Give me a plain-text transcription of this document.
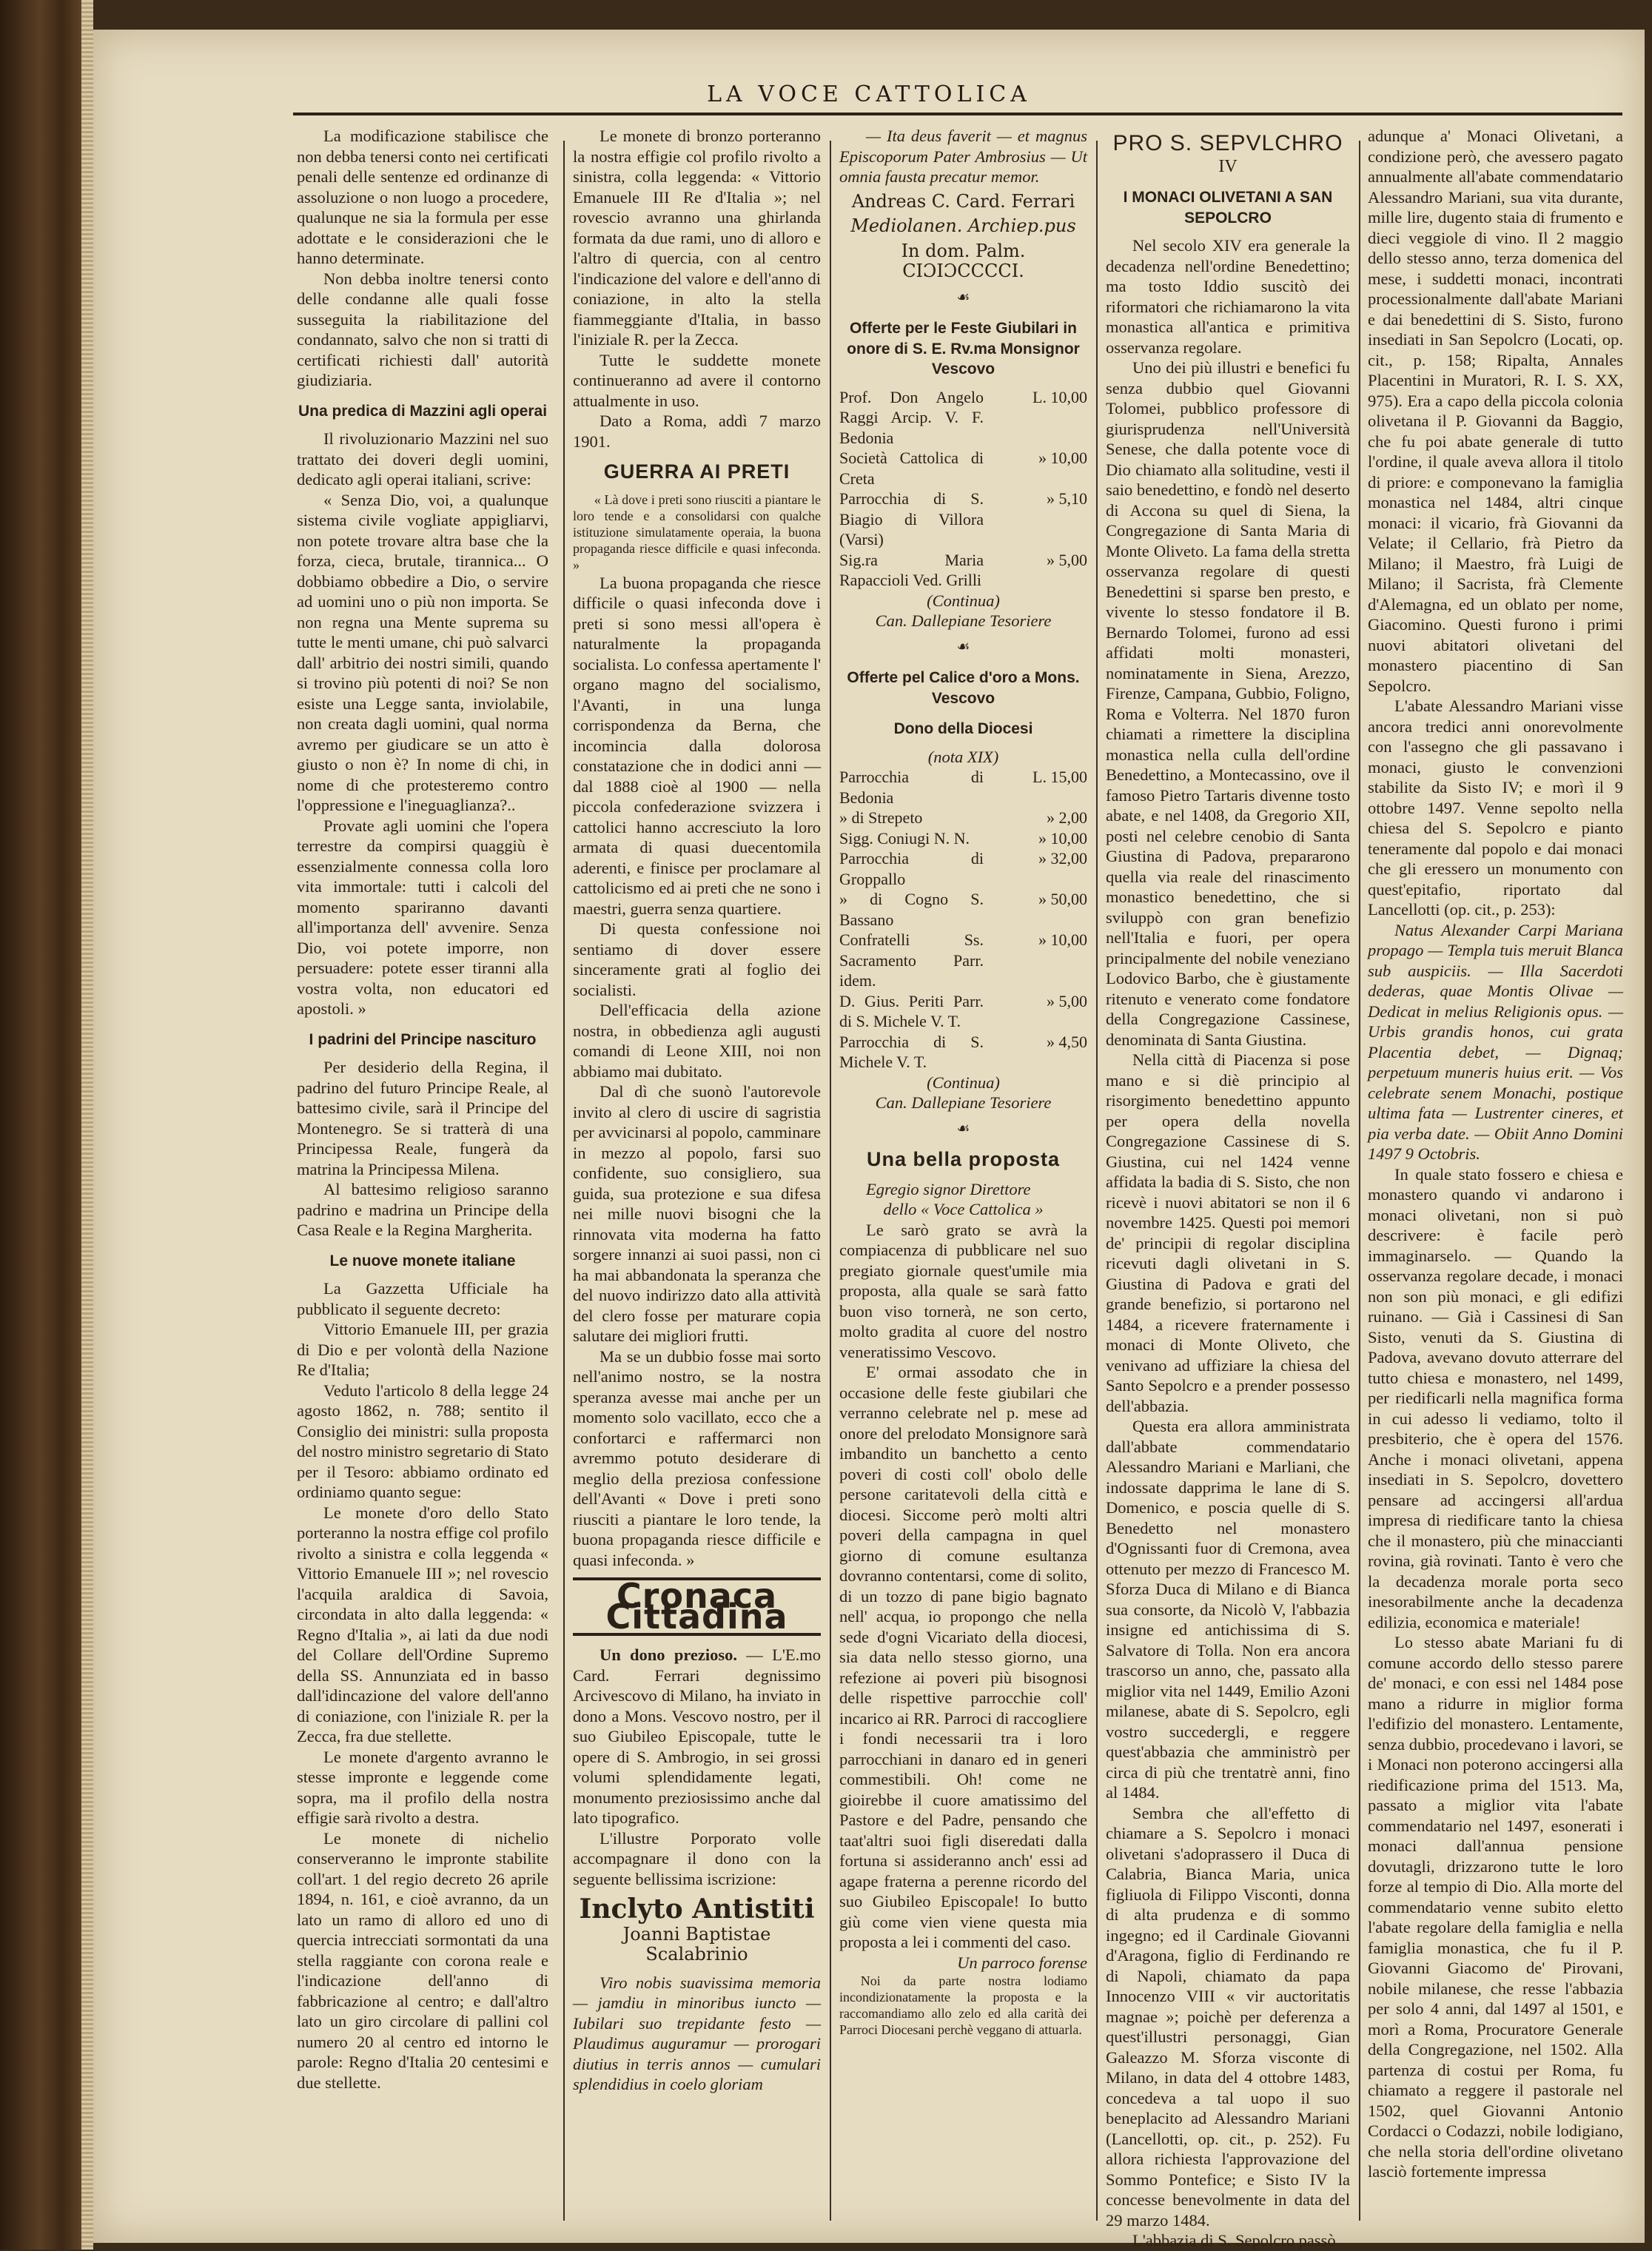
LA VOCE CATTOLICA

La modificazione stabilisce che non debba tenersi conto nei certificati penali delle sentenze ed ordinanze di assoluzione o non luogo a procedere, qualunque ne sia la formula per esse adottate e le considerazioni che le hanno determinate.

Non debba inoltre tenersi conto delle condanne alle quali fosse susseguita la riabilitazione del condannato, salvo che non si tratti di certificati richiesti dall' autorità giudiziaria.

Una predica di Mazzini agli operai

Il rivoluzionario Mazzini nel suo trattato dei doveri degli uomini, dedicato agli operai italiani, scrive:

« Senza Dio, voi, a qualunque sistema civile vogliate appigliarvi, non potete trovare altra base che la forza, cieca, brutale, tirannica... O dobbiamo obbedire a Dio, o servire ad uomini uno o più non importa. Se non regna una Mente suprema su tutte le menti umane, chi può salvarci dall' arbitrio dei nostri simili, quando si trovino più potenti di noi? Se non esiste una Legge santa, inviolabile, non creata dagli uomini, qual norma avremo per giudicare se un atto è giusto o non è? In nome di chi, in nome di che protesteremo contro l'oppressione e l'ineguaglianza?..

Provate agli uomini che l'opera terrestre da compirsi quaggiù è essenzialmente connessa colla loro vita immortale: tutti i calcoli del momento spariranno davanti all'importanza dell' avvenire. Senza Dio, voi potete imporre, non persuadere: potete esser tiranni alla vostra volta, non educatori ed apostoli. »

I padrini del Principe nascituro

Per desiderio della Regina, il padrino del futuro Principe Reale, al battesimo civile, sarà il Principe del Montenegro. Se si tratterà di una Principessa Reale, fungerà da matrina la Principessa Milena.

Al battesimo religioso saranno padrino e madrina un Principe della Casa Reale e la Regina Margherita.

Le nuove monete italiane

La Gazzetta Ufficiale ha pubblicato il seguente decreto:

Vittorio Emanuele III, per grazia di Dio e per volontà della Nazione Re d'Italia;

Veduto l'articolo 8 della legge 24 agosto 1862, n. 788; sentito il Consiglio dei ministri: sulla proposta del nostro ministro segretario di Stato per il Tesoro: abbiamo ordinato ed ordiniamo quanto segue:

Le monete d'oro dello Stato porteranno la nostra effige col profilo rivolto a sinistra e colla leggenda « Vittorio Emanuele III »; nel rovescio l'acquila araldica di Savoia, circondata in alto dalla leggenda: « Regno d'Italia », ai lati da due nodi del Collare dell'Ordine Supremo della SS. Annunziata ed in basso dall'idincazione del valore dell'anno di coniazione, con l'iniziale R. per la Zecca, fra due stellette.

Le monete d'argento avranno le stesse impronte e leggende come sopra, ma il profilo della nostra effigie sarà rivolto a destra.

Le monete di nichelio conserveranno le impronte stabilite coll'art. 1 del regio decreto 26 aprile 1894, n. 161, e cioè avranno, da un lato un ramo di alloro ed uno di quercia intrecciati sormontati da una stella raggiante con corona reale e l'indicazione dell'anno di fabbricazione al centro; e dall'altro lato un giro circolare di pallini col numero 20 al centro ed intorno le parole: Regno d'Italia 20 centesimi e due stellette.

Le monete di bronzo porteranno la nostra effigie col profilo rivolto a sinistra, colla leggenda: « Vittorio Emanuele III Re d'Italia »; nel rovescio avranno una ghirlanda formata da due rami, uno di alloro e l'altro di quercia, con al centro l'indicazione del valore e dell'anno di coniazione, in alto la stella fiammeggiante d'Italia, in basso l'iniziale R. per la Zecca.

Tutte le suddette monete continueranno ad avere il contorno attualmente in uso.

Dato a Roma, addì 7 marzo 1901.

GUERRA AI PRETI

« Là dove i preti sono riusciti a piantare le loro tende e a consolidarsi con qualche istituzione simulatamente operaia, la buona propaganda riesce difficile e quasi infeconda. »

La buona propaganda che riesce difficile o quasi infeconda dove i preti si sono messi all'opera è naturalmente la propaganda socialista. Lo confessa apertamente l' organo magno del socialismo, l'Avanti, in una lunga corrispondenza da Berna, che incomincia dalla dolorosa constatazione che in dodici anni — dal 1888 cioè al 1900 — nella piccola confederazione svizzera i cattolici hanno accresciuto la loro armata di quasi duecentomila aderenti, e finisce per proclamare al cattolicismo ed ai preti che ne sono i maestri, guerra senza quartiere.

Di questa confessione noi sentiamo di dover essere sinceramente grati al foglio dei socialisti.

Dell'efficacia della azione nostra, in obbedienza agli augusti comandi di Leone XIII, noi non abbiamo mai dubitato.

Dal dì che suonò l'autorevole invito al clero di uscire di sagristia per avvicinarsi al popolo, camminare in mezzo al popolo, farsi suo confidente, suo consigliero, sua guida, sua protezione e sua difesa nei mille nuovi bisogni che la rinnovata vita moderna ha fatto sorgere innanzi ai suoi passi, non ci ha mai abbandonata la speranza che del nuovo indirizzo dato alla attività del clero fosse per maturare copia salutare dei migliori frutti.

Ma se un dubbio fosse mai sorto nell'animo nostro, se la nostra speranza avesse mai anche per un momento solo vacillato, ecco che a confortarci e raffermarci non avremmo potuto desiderare di meglio della preziosa confessione dell'Avanti « Dove i preti sono riusciti a piantare le loro tende, la buona propaganda riesce difficile e quasi infeconda. »

Cronaca Cittadina

Un dono prezioso. — L'E.mo Card. Ferrari degnissimo Arcivescovo di Milano, ha inviato in dono a Mons. Vescovo nostro, per il suo Giubileo Episcopale, tutte le opere di S. Ambrogio, in sei grossi volumi splendidamente legati, monumento preziosissimo anche dal lato tipografico.

L'illustre Porporato volle accompagnare il dono con la seguente bellissima iscrizione:

Inclyto Antistiti
Joanni Baptistae Scalabrinio

Viro nobis suavissima memoria — jamdiu in minoribus iuncto — Iubilari suo trepidante festo — Plaudimus auguramur — prorogari diutius in terris annos — cumulari splendidius in coelo gloriam

— Ita deus faverit — et magnus Episcoporum Pater Ambrosius — Ut omnia fausta precatur memor.

Andreas C. Card. Ferrari
Mediolanen. Archiep.pus
In dom. Palm. CIƆIƆCCCCI.
☙
Offerte per le Feste Giubilari in onore di S. E. Rv.ma Monsignor Vescovo
Prof. Don Angelo Raggi Arcip. V. F. Bedonia	L. 10,00
Società Cattolica di Creta	» 10,00
Parrocchia di S. Biagio di Villora (Varsi)	» 5,10
Sig.ra Maria Rapaccioli Ved. Grilli	» 5,00

(Continua)

Can. Dallepiane Tesoriere

☙
Offerte pel Calice d'oro a Mons. Vescovo
Dono della Diocesi

(nota XIX)

Parrocchia di Bedonia	L. 15,00
» di Strepeto	» 2,00
Sigg. Coniugi N. N.	» 10,00
Parrocchia di Groppallo	» 32,00
» di Cogno S. Bassano	» 50,00
Confratelli Ss. Sacramento Parr. idem.	» 10,00
D. Gius. Periti Parr. di S. Michele V. T.	» 5,00
Parrocchia di S. Michele V. T.	» 4,50

(Continua)

Can. Dallepiane Tesoriere

☙
Una bella proposta

Egregio signor Direttore

dello « Voce Cattolica »

Le sarò grato se avrà la compiacenza di pubblicare nel suo pregiato giornale quest'umile mia proposta, alla quale se sarà fatto buon viso tornerà, ne son certo, molto gradita al cuore del nostro veneratissimo Vescovo.

E' ormai assodato che in occasione delle feste giubilari che verranno celebrate nel p. mese ad onore del prelodato Monsignore sarà imbandito un banchetto a cento poveri di costi coll' obolo delle persone caritatevoli della città e diocesi. Siccome però molti altri poveri della campagna in quel giorno di comune esultanza dovranno contentarsi, come di solito, di un tozzo di pane bigio bagnato nell' acqua, io propongo che nella sede d'ogni Vicariato della diocesi, sia data nello stesso giorno, una refezione ai poveri più bisognosi delle rispettive parrocchie coll' incarico ai RR. Parroci di raccogliere i fondi necessarii tra i loro parrocchiani in danaro ed in generi commestibili. Oh! come ne gioirebbe il cuore amatissimo del Pastore e del Padre, pensando che taat'altri suoi figli diseredati dalla fortuna si assideranno anch' essi ad agape fraterna a perenne ricordo del suo Giubileo Episcopale! Io butto giù come vien viene questa mia proposta a lei i commenti del caso.

Un parroco forense

Noi da parte nostra lodiamo incondizionatamente la proposta e la raccomandiamo allo zelo ed alla carità dei Parroci Diocesani perchè veggano di attuarla.

PRO S. SEPVLCHRO
IV
I MONACI OLIVETANI A SAN SEPOLCRO

Nel secolo XIV era generale la decadenza nell'ordine Benedettino; ma tosto Iddio suscitò dei riformatori che richiamarono la vita monastica all'antica e primitiva osservanza regolare.

Uno dei più illustri e benefici fu senza dubbio quel Giovanni Tolomei, pubblico professore di giurisprudenza nell'Università Senese, che dalla potente voce di Dio chiamato alla solitudine, vesti il saio benedettino, e fondò nel deserto di Accona su quel di Siena, la Congregazione di Santa Maria di Monte Oliveto. La fama della stretta osservanza regolare di questi Benedettini si sparse ben presto, e vivente lo stesso fondatore il B. Bernardo Tolomei, furono ad essi affidati molti monasteri, nominatamente in Siena, Arezzo, Firenze, Campana, Gubbio, Foligno, Roma e Volterra. Nel 1870 furon chiamati a rimettere la disciplina monastica nella culla dell'ordine Benedettino, a Montecassino, ove il famoso Pietro Tartaris divenne tosto abate, e nel 1408, da Gregorio XII, posti nel celebre cenobio di Santa Giustina di Padova, prepararono quella via reale del rinascimento monastico benedettino, che si sviluppò con gran benefizio nell'Italia e fuori, per opera principalmente del nobile veneziano Lodovico Barbo, che è giustamente ritenuto e venerato come fondatore della Congregazione Cassinese, denominata di Santa Giustina.

Nella città di Piacenza si pose mano e si diè principio al risorgimento benedettino appunto per opera della novella Congregazione Cassinese di S. Giustina, cui nel 1424 venne affidata la badia di S. Sisto, che non ricevè i nuovi abitatori se non il 6 novembre 1425. Questi poi memori de' principii di regolar disciplina ricevuti dagli olivetani in S. Giustina di Padova e grati del grande benefizio, si portarono nel 1484, a ricevere fraternamente i monaci di Monte Oliveto, che venivano ad uffiziare la chiesa del Santo Sepolcro e a prender possesso dell'abbazia.

Questa era allora amministrata dall'abbate commendatario Alessandro Mariani e Marliani, che indossate dapprima le lane di S. Domenico, e poscia quelle di S. Benedetto nel monastero d'Ognissanti fuor di Cremona, avea ottenuto per mezzo di Francesco M. Sforza Duca di Milano e di Bianca sua consorte, da Nicolò V, l'abbazia insigne ed antichissima di S. Salvatore di Tolla. Non era ancora trascorso un anno, che, passato alla miglior vita nel 1449, Emilio Azoni milanese, abate di S. Sepolcro, egli vostro succedergli, e reggere quest'abbazia che amministrò per circa di più che trentatrè anni, fino al 1484.

Sembra che all'effetto di chiamare a S. Sepolcro i monaci olivetani s'adoprassero il Duca di Calabria, Bianca Maria, unica figliuola di Filippo Visconti, donna di alta prudenza e di sommo ingegno; ed il Cardinale Giovanni d'Aragona, figlio di Ferdinando re di Napoli, chiamato da papa Innocenzo VIII « vir auctoritatis magnae »; poichè per deferenza a quest'illustri personaggi, Gian Galeazzo M. Sforza visconte di Milano, in data del 4 ottobre 1483, concedeva a tal uopo il suo beneplacito ad Alessandro Mariani (Lancellotti, op. cit., p. 252). Fu allora richiesta l'approvazione del Sommo Pontefice; e Sisto IV la concesse benevolmente in data del 29 marzo 1484.

L'abbazia di S. Sepolcro passò

adunque a' Monaci Olivetani, a condizione però, che avessero pagato annualmente all'abate commendatario Alessandro Mariani, sua vita durante, mille lire, dugento staia di frumento e dieci veggiole di vino. Il 2 maggio dello stesso anno, terza domenica del mese, i suddetti monaci, incontrati processionalmente dall'abate Mariani e dai benedettini di S. Sisto, furono insediati in San Sepolcro (Locati, op. cit., p. 158; Ripalta, Annales Placentini in Muratori, R. I. S. XX, 975). Era a capo della piccola colonia olivetana il P. Giovanni da Baggio, che fu poi abate generale di tutto l'ordine, il quale aveva allora il titolo di priore: e componevano la famiglia monastica nel 1484, altri cinque monaci: il vicario, frà Giovanni da Velate; il Cellario, frà Pietro da Milano; il Maestro, frà Luigi de Milano; il Sacrista, frà Clemente d'Alemagna, ed un oblato per nome, Giacomino. Questi furono i primi nuovi abitatori olivetani del monastero piacentino di San Sepolcro.

L'abate Alessandro Mariani visse ancora tredici anni onorevolmente con l'assegno che gli passavano i monaci, giusto le convenzioni stabilite da Sisto IV; e morì il 9 ottobre 1497. Venne sepolto nella chiesa del S. Sepolcro e pianto teneramente dal popolo e dai monaci che gli eressero un monumento con quest'epitafio, riportato dal Lancellotti (op. cit., p. 253):

Natus Alexander Carpi Mariana propago — Templa tuis meruit Blanca sub auspiciis. — Illa Sacerdoti dederas, quae Montis Olivae — Dedicat in melius Religionis opus. — Urbis grandis honos, cui grata Placentia debet, — Dignaq; perpetuum muneris huius erit. — Vos celebrate senem Monachi, postique ultima fata — Lustrenter cineres, et pia verba date. — Obiit Anno Domini 1497 9 Octobris.

In quale stato fossero e chiesa e monastero quando vi andarono i monaci olivetani, non si può descrivere: è facile però immaginarselo. — Quando la osservanza regolare decade, i monaci non son più monaci, e gli edifizi ruinano. — Già i Cassinesi di San Sisto, venuti da S. Giustina di Padova, avevano dovuto atterrare del tutto chiesa e monastero, nel 1499, per riedificarli nella magnifica forma in cui adesso li vediamo, tolto il presbiterio, che è opera del 1576. Anche i monaci olivetani, appena insediati in S. Sepolcro, dovettero pensare ad accingersi all'ardua impresa di riedificare tanto la chiesa che il monastero, più che minaccianti rovina, già rovinati. Tanto è vero che la decadenza morale porta seco inesorabilmente anche la decadenza edilizia, economica e materiale!

Lo stesso abate Mariani fu di comune accordo dello stesso parere de' monaci, e con essi nel 1484 pose mano a ridurre in miglior forma l'edifizio del monastero. Lentamente, senza dubbio, procedevano i lavori, se i Monaci non poterono accingersi alla riedificazione prima del 1513. Ma, passato a miglior vita l'abate commendatario nel 1497, esonerati i monaci dall'annua pensione dovutagli, drizzarono tutte le loro forze al tempio di Dio. Alla morte del commendatario venne subito eletto l'abate regolare della famiglia e nella famiglia monastica, che fu il P. Giovanni Giacomo de' Pirovani, nobile milanese, che resse l'abbazia per solo 4 anni, dal 1497 al 1501, e morì a Roma, Procuratore Generale della Congregazione, nel 1502. Alla partenza di costui per Roma, fu chiamato a reggere il pastorale nel 1502, quel Giovanni Antonio Cordacci o Codazzi, nobile lodigiano, che nella storia dell'ordine olivetano lasciò fortemente impressa
